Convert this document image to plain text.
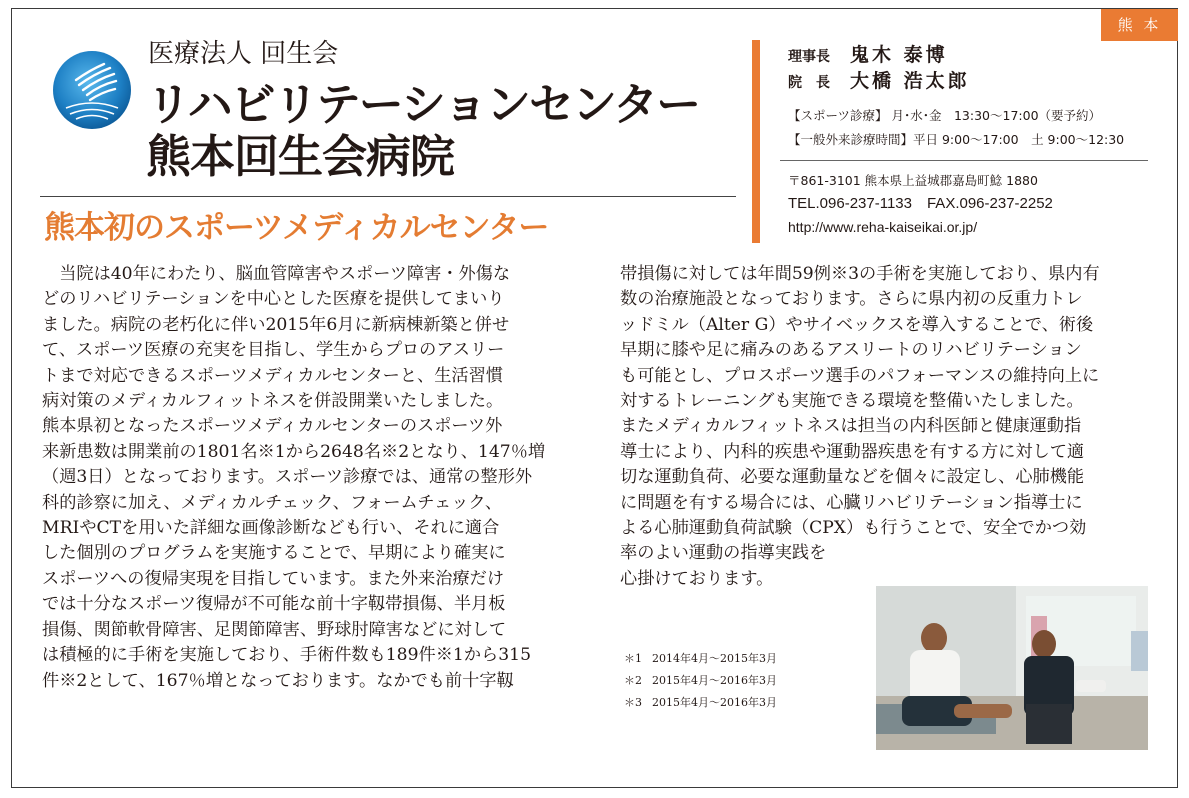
熊 本
医療法人 回生会
リハビリテーションセンター
熊本回生会病院
熊本初のスポーツメディカルセンター
理事長 鬼木 泰博
院　長 大橋 浩太郎
【スポーツ診療】 月･水･金　13:30～17:00（要予約）
【一般外来診療時間】平日 9:00～17:00　土 9:00～12:30
〒861-3101 熊本県上益城郡嘉島町鯰 1880
TEL.096-237-1133　FAX.096-237-2252
http://www.reha-kaiseikai.or.jp/

　当院は40年にわたり、脳血管障害やスポーツ障害・外傷な

どのリハビリテーションを中心とした医療を提供してまいり

ました。病院の老朽化に伴い2015年6月に新病棟新築と併せ

て、スポーツ医療の充実を目指し、学生からプロのアスリー

トまで対応できるスポーツメディカルセンターと、生活習慣

病対策のメディカルフィットネスを併設開業いたしました。

熊本県初となったスポーツメディカルセンターのスポーツ外

来新患数は開業前の1801名※1から2648名※2となり、147％増

（週3日）となっております。スポーツ診療では、通常の整形外

科的診察に加え、メディカルチェック、フォームチェック、

MRIやCTを用いた詳細な画像診断なども行い、それに適合

した個別のプログラムを実施することで、早期により確実に

スポーツへの復帰実現を目指しています。また外来治療だけ

では十分なスポーツ復帰が不可能な前十字靱帯損傷、半月板

損傷、関節軟骨障害、足関節障害、野球肘障害などに対して

は積極的に手術を実施しており、手術件数も189件※1から315

件※2として、167％増となっております。なかでも前十字靱

帯損傷に対しては年間59例※3の手術を実施しており、県内有

数の治療施設となっております。さらに県内初の反重力トレ

ッドミル（Alter G）やサイベックスを導入することで、術後

早期に膝や足に痛みのあるアスリートのリハビリテーション

も可能とし、プロスポーツ選手のパフォーマンスの維持向上に

対するトレーニングも実施できる環境を整備いたしました。

またメディカルフィットネスは担当の内科医師と健康運動指

導士により、内科的疾患や運動器疾患を有する方に対して適

切な運動負荷、必要な運動量などを個々に設定し、心肺機能

に問題を有する場合には、心臓リハビリテーション指導士に

よる心肺運動負荷試験（CPX）も行うことで、安全でかつ効

率のよい運動の指導実践を

心掛けております。

＊1 2014年4月～2015年3月
＊2 2015年4月～2016年3月
＊3 2015年4月～2016年3月
